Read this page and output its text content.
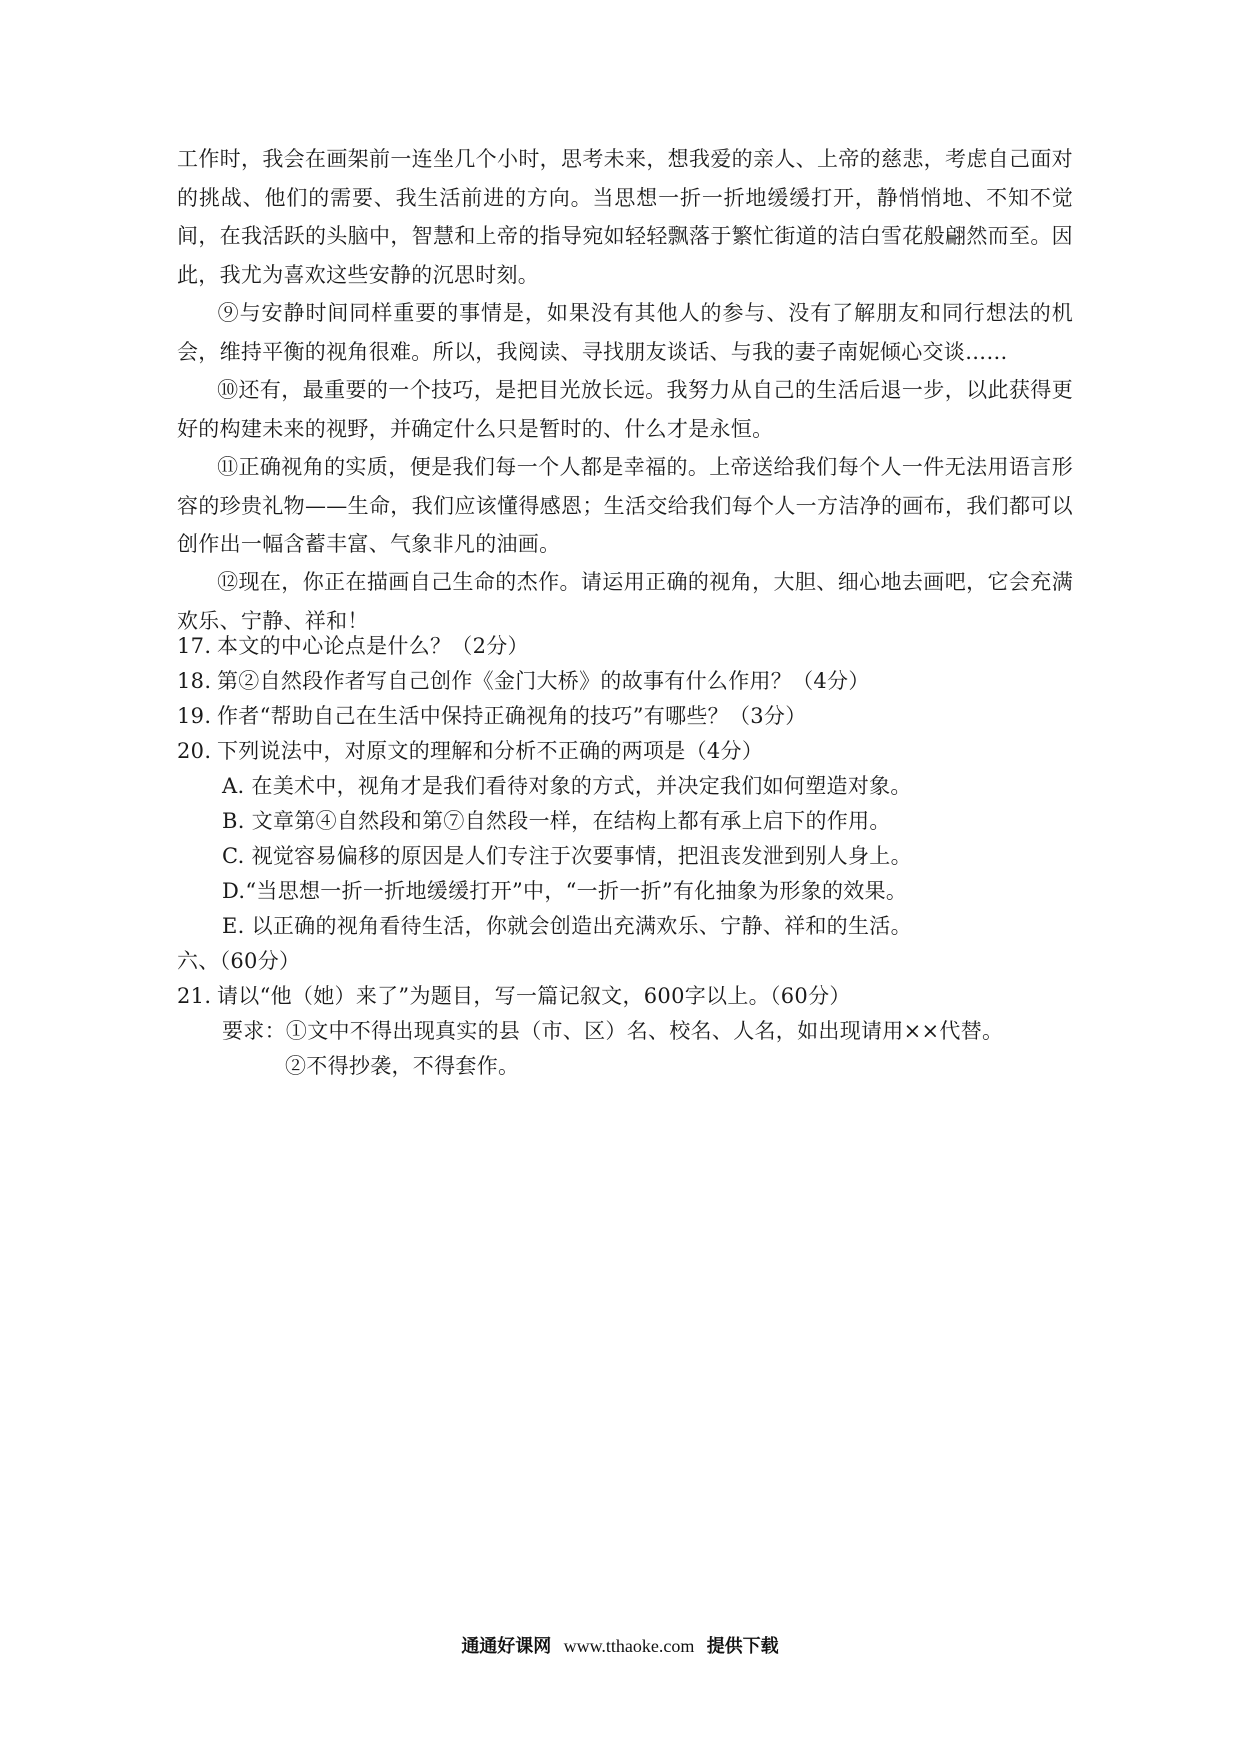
工作时，我会在画架前一连坐几个小时，思考未来，想我爱的亲人、上帝的慈悲，考虑自己面对的挑战、他们的需要、我生活前进的方向。当思想一折一折地缓缓打开，静悄悄地、不知不觉间，在我活跃的头脑中，智慧和上帝的指导宛如轻轻飘落于繁忙街道的洁白雪花般翩然而至。因此，我尤为喜欢这些安静的沉思时刻。

⑨与安静时间同样重要的事情是，如果没有其他人的参与、没有了解朋友和同行想法的机会，维持平衡的视角很难。所以，我阅读、寻找朋友谈话、与我的妻子南妮倾心交谈……

⑩还有，最重要的一个技巧，是把目光放长远。我努力从自己的生活后退一步，以此获得更好的构建未来的视野，并确定什么只是暂时的、什么才是永恒。

⑪正确视角的实质，便是我们每一个人都是幸福的。上帝送给我们每个人一件无法用语言形容的珍贵礼物——生命，我们应该懂得感恩；生活交给我们每个人一方洁净的画布，我们都可以创作出一幅含蓄丰富、气象非凡的油画。

⑫现在，你正在描画自己生命的杰作。请运用正确的视角，大胆、细心地去画吧，它会充满欢乐、宁静、祥和！

17. 本文的中心论点是什么？（2分）

18. 第②自然段作者写自己创作《金门大桥》的故事有什么作用？（4分）

19. 作者“帮助自己在生活中保持正确视角的技巧”有哪些？（3分）

20. 下列说法中，对原文的理解和分析不正确的两项是（4分）

A. 在美术中，视角才是我们看待对象的方式，并决定我们如何塑造对象。

B. 文章第④自然段和第⑦自然段一样，在结构上都有承上启下的作用。

C. 视觉容易偏移的原因是人们专注于次要事情，把沮丧发泄到别人身上。

D.“当思想一折一折地缓缓打开”中，“一折一折”有化抽象为形象的效果。

E. 以正确的视角看待生活，你就会创造出充满欢乐、宁静、祥和的生活。

六、（60分）

21. 请以“他（她）来了”为题目，写一篇记叙文，600字以上。（60分）

要求：①文中不得出现真实的县（市、区）名、校名、人名，如出现请用××代替。

②不得抄袭，不得套作。

通通好课网 www.tthaoke.com 提供下载
